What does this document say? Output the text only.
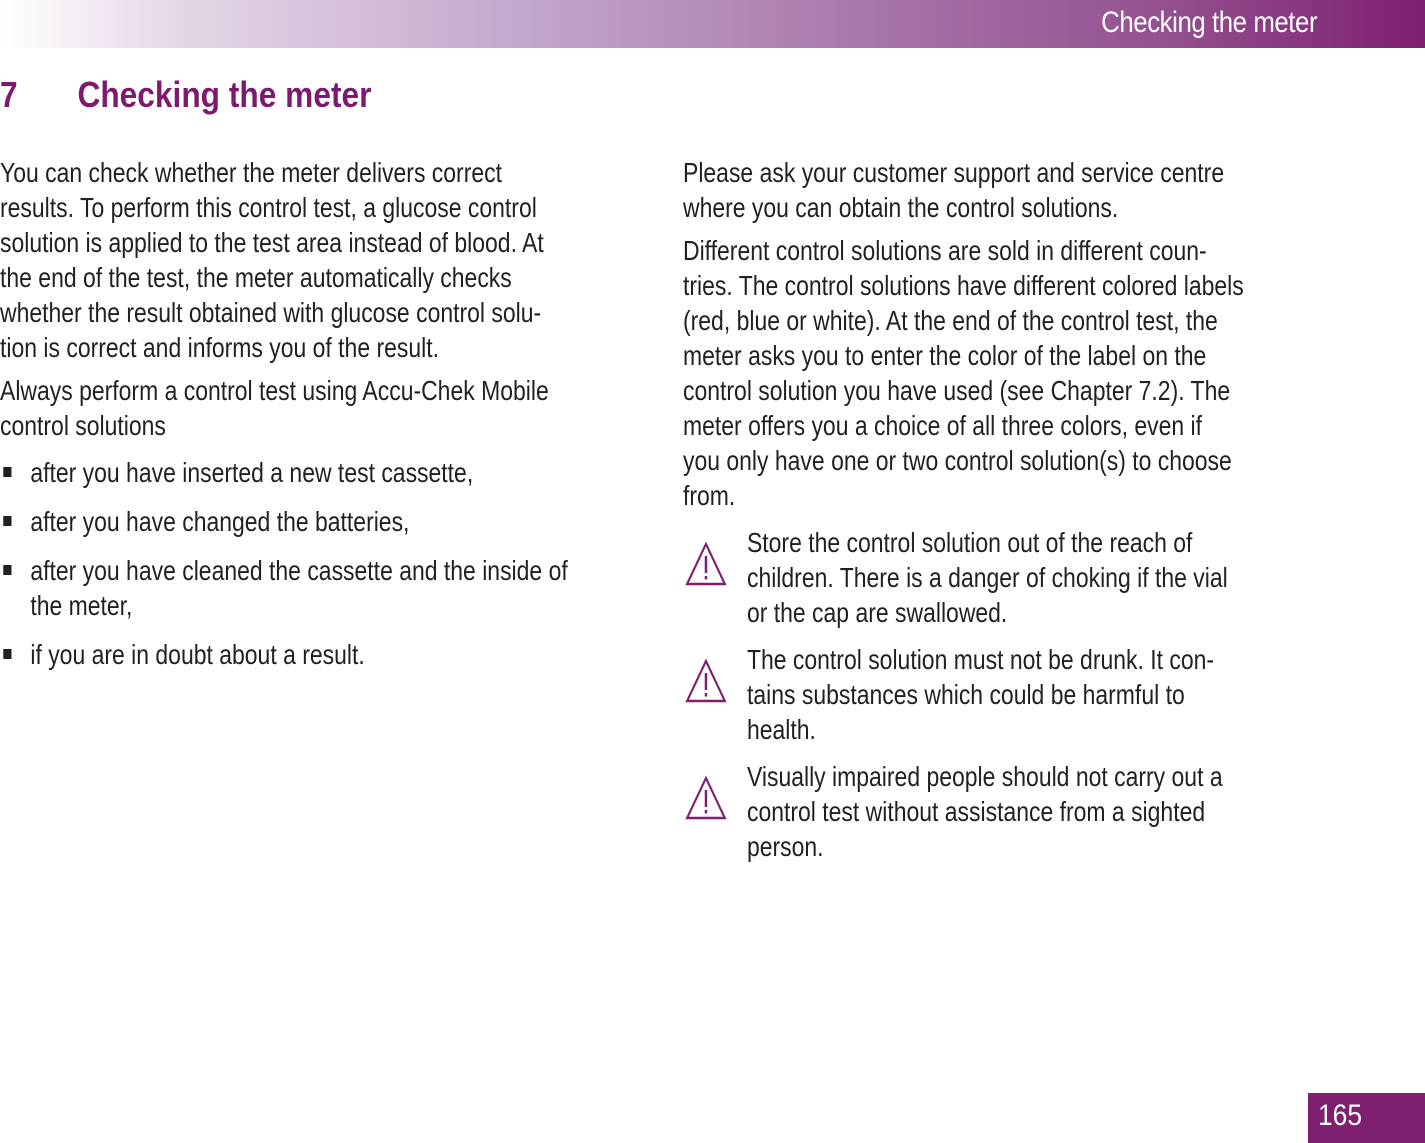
Checking the meter
7 Checking the meter
You can check whether the meter delivers correct
results. To perform this control test, a glucose control
solution is applied to the test area instead of blood. At
the end of the test, the meter automatically checks
whether the result obtained with glucose control solu-
tion is correct and informs you of the result.
Always perform a control test using Accu-Chek Mobile
control solutions
after you have inserted a new test cassette,
after you have changed the batteries,
after you have cleaned the cassette and the inside of
the meter,
if you are in doubt about a result.
Please ask your customer support and service centre
where you can obtain the control solutions.
Different control solutions are sold in different coun-
tries. The control solutions have different colored labels
(red, blue or white). At the end of the control test, the
meter asks you to enter the color of the label on the
control solution you have used (see Chapter 7.2). The
meter offers you a choice of all three colors, even if
you only have one or two control solution(s) to choose
from.
Store the control solution out of the reach of
children. There is a danger of choking if the vial
or the cap are swallowed.
The control solution must not be drunk. It con-
tains substances which could be harmful to
health.
Visually impaired people should not carry out a
control test without assistance from a sighted
person.
165
